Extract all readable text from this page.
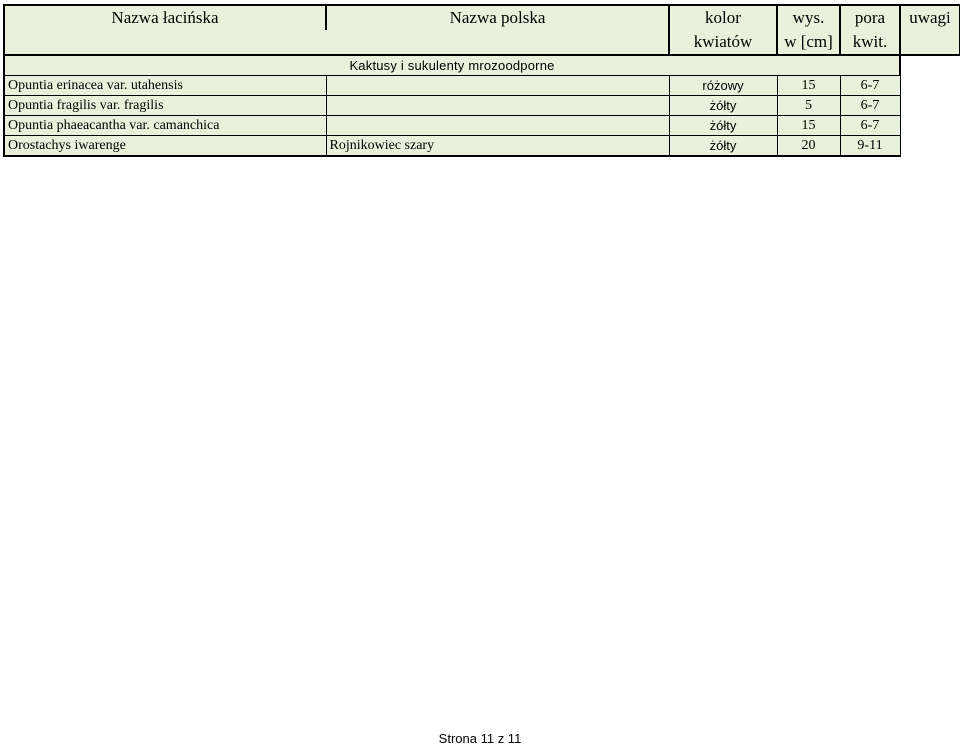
Nazwa łacińska	Nazwa polska	kolor	wys.	pora	uwagi
		kwiatów	w [cm]	kwit.	
Kaktusy i sukulenty mrozoodporne					
Opuntia erinacea var. utahensis		różowy	15	6-7	
Opuntia fragilis var. fragilis		żółty	5	6-7	
Opuntia phaeacantha var. camanchica		żółty	15	6-7	
Orostachys iwarenge	Rojnikowiec szary	żółty	20	9-11	
Strona 11 z 11
